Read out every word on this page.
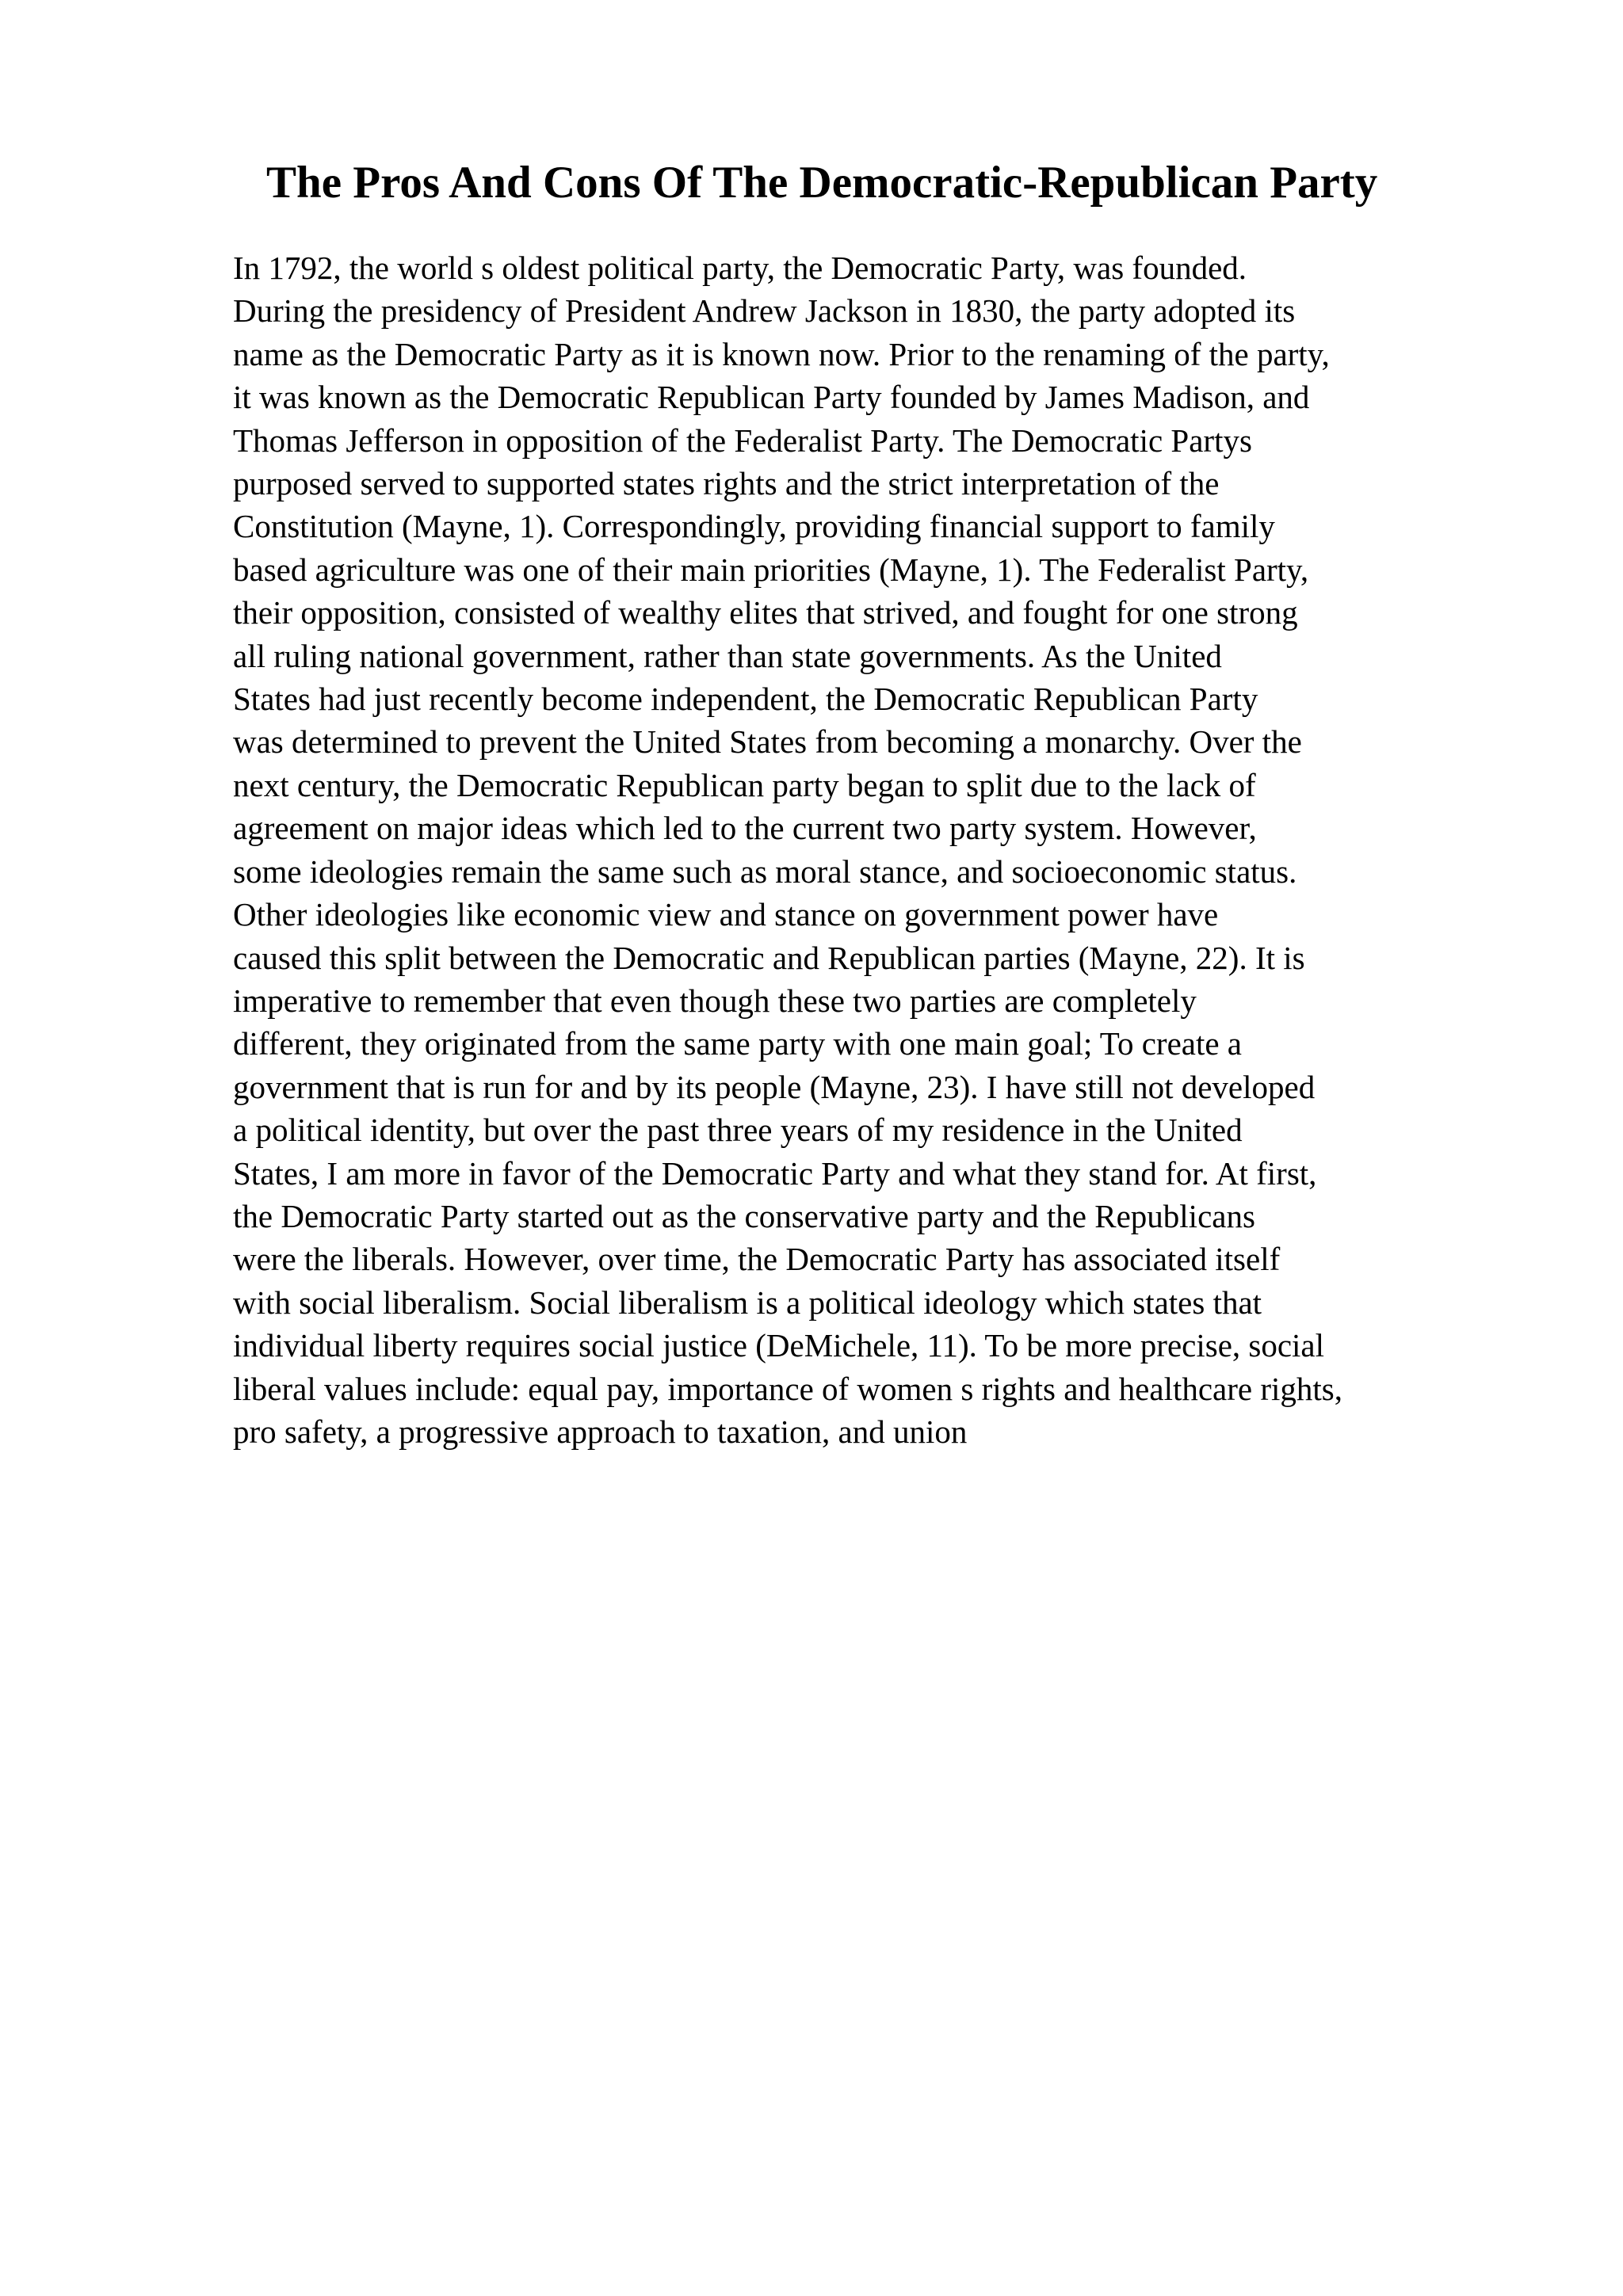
The Pros And Cons Of The Democratic-Republican Party
In 1792, the world s oldest political party, the Democratic Party, was founded.
During the presidency of President Andrew Jackson in 1830, the party adopted its
name as the Democratic Party as it is known now. Prior to the renaming of the party,
it was known as the Democratic Republican Party founded by James Madison, and
Thomas Jefferson in opposition of the Federalist Party. The Democratic Partys
purposed served to supported states rights and the strict interpretation of the
Constitution (Mayne, 1). Correspondingly, providing financial support to family
based agriculture was one of their main priorities (Mayne, 1). The Federalist Party,
their opposition, consisted of wealthy elites that strived, and fought for one strong
all ruling national government, rather than state governments. As the United
States had just recently become independent, the Democratic Republican Party
was determined to prevent the United States from becoming a monarchy. Over the
next century, the Democratic Republican party began to split due to the lack of
agreement on major ideas which led to the current two party system. However,
some ideologies remain the same such as moral stance, and socioeconomic status.
Other ideologies like economic view and stance on government power have
caused this split between the Democratic and Republican parties (Mayne, 22). It is
imperative to remember that even though these two parties are completely
different, they originated from the same party with one main goal; To create a
government that is run for and by its people (Mayne, 23). I have still not developed
a political identity, but over the past three years of my residence in the United
States, I am more in favor of the Democratic Party and what they stand for. At first,
the Democratic Party started out as the conservative party and the Republicans
were the liberals. However, over time, the Democratic Party has associated itself
with social liberalism. Social liberalism is a political ideology which states that
individual liberty requires social justice (DeMichele, 11). To be more precise, social
liberal values include: equal pay, importance of women s rights and healthcare rights,
pro safety, a progressive approach to taxation, and union
